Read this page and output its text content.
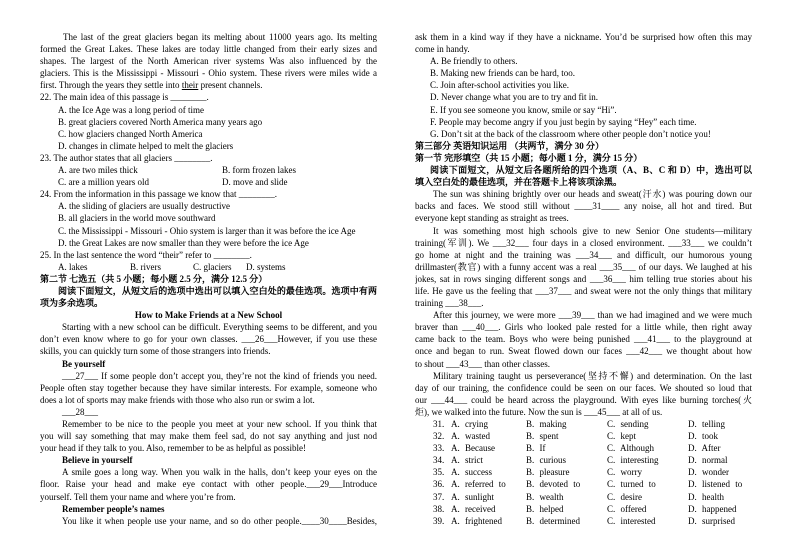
The last of the great glaciers began its melting about 11000 years ago. Its melting
formed the Great Lakes. These lakes are today little changed from their early sizes and
shapes. The largest of the North American river systems Was also influenced by the
glaciers. This is the Mississippi - Missouri - Ohio system. These rivers were miles wide a
first. Through the years they settle into their present channels.
22. The main idea of this passage is ________.
A. the Ice Age was a long period of time
B. great glaciers covered North America many years ago
C. how glaciers changed North America
D. changes in climate helped to melt the glaciers
23. The author states that all glaciers ________.
A. are two miles thick	B. form frozen lakes
C. are a million years old	D. move and slide
24. From the information in this passage we know that ________.
A. the sliding of glaciers are usually destructive
B. all glaciers in the world move southward
C. the Mississippi - Missouri - Ohio system is larger than it was before the ice Age
D. the Great Lakes are now smaller than they were before the ice Age
25. In the last sentence the word “their” refer to ________.
A. lakes	B. rivers	C. glaciers D. systems
第二节 七选五（共 5 小题；每小题 2.5 分，满分 12.5 分）
阅读下面短文，从短文后的选项中选出可以填入空白处的最佳选项。选项中有两
项为多余选项。
How to Make Friends at a New School
Starting with a new school can be difficult. Everything seems to be different, and you
don’t even know where to go for your own classes. ___26___However, if you use these
skills, you can quickly turn some of those strangers into friends.
Be yourself
___27___ If some people don’t accept you, they’re not the kind of friends you need.
People often stay together because they have similar interests. For example, someone who
does a lot of sports may make friends with those who also run or swim a lot.
___28___
Remember to be nice to the people you meet at your new school. If you think that
you will say something that may make them feel sad, do not say anything and just nod
your head if they talk to you. Also, remember to be as helpful as possible!
Believe in yourself
A smile goes a long way. When you walk in the halls, don’t keep your eyes on the
floor. Raise your head and make eye contact with other people.___29___Introduce
yourself. Tell them your name and where you’re from.
Remember people’s names
You like it when people use your name, and so do other people.____30____Besides,
ask them in a kind way if they have a nickname. You’d be surprised how often this may
come in handy.
A. Be friendly to others.
B. Making new friends can be hard, too.
C. Join after-school activities you like.
D. Never change what you are to try and fit in.
E. If you see someone you know, smile or say “Hi”.
F. People may become angry if you just begin by saying “Hey” each time.
G. Don’t sit at the back of the classroom where other people don’t notice you!
第三部分 英语知识运用 （共两节，满分 30 分）
第一节 完形填空（共 15 小题；每小题 1 分，满分 15 分）
阅读下面短文，从短文后各题所给的四个选项（A、B、C 和 D）中，选出可以
填入空白处的最佳选项，并在答题卡上将该项涂黑。
The sun was shining brightly over our heads and sweat(汗水) was pouring down our
backs and faces. We stood still without ____31____ any noise, all hot and tired. But
everyone kept standing as straight as trees.
It was something most high schools give to new Senior One students—military
training(军训). We ___32___ four days in a closed environment. ___33___ we couldn’t
go home at night and the training was ___34___ and difficult, our humorous young
drillmaster(教官) with a funny accent was a real ___35___ of our days. We laughed at his
jokes, sat in rows singing different songs and ___36___ him telling true stories about his
life. He gave us the feeling that ___37___ and sweat were not the only things that military
training ___38___.
After this journey, we were more ___39___ than we had imagined and we were much
braver than ___40___. Girls who looked pale rested for a little while, then right away
came back to the team. Boys who were being punished ___41___ to the playground at
once and began to run. Sweat flowed down our faces ___42___ we thought about how
to shout ___43___ than other classes.
Military training taught us perseverance(坚持不懈) and determination. On the last
day of our training, the confidence could be seen on our faces. We shouted so loud that
our ___44___ could be heard across the playground. With eyes like burning torches(火
炬), we walked into the future. Now the sun is ___45___ at all of us.
31. A. crying	B. making	C. sending	D. telling
32. A. wasted	B. spent	C. kept	D. took
33. A. Because	B. If	C. Although	D. After
34. A. strict	B. curious	C. interesting	D. normal
35. A. success	B. pleasure	C. worry	D. wonder
36. A. referred to B. devoted to	C. turned to	D. listened to
37. A. sunlight	B. wealth	C. desire	D. health
38. A. received	B. helped	C. offered	D. happened
39. A. frightened	B. determined	C. interested	D. surprised
